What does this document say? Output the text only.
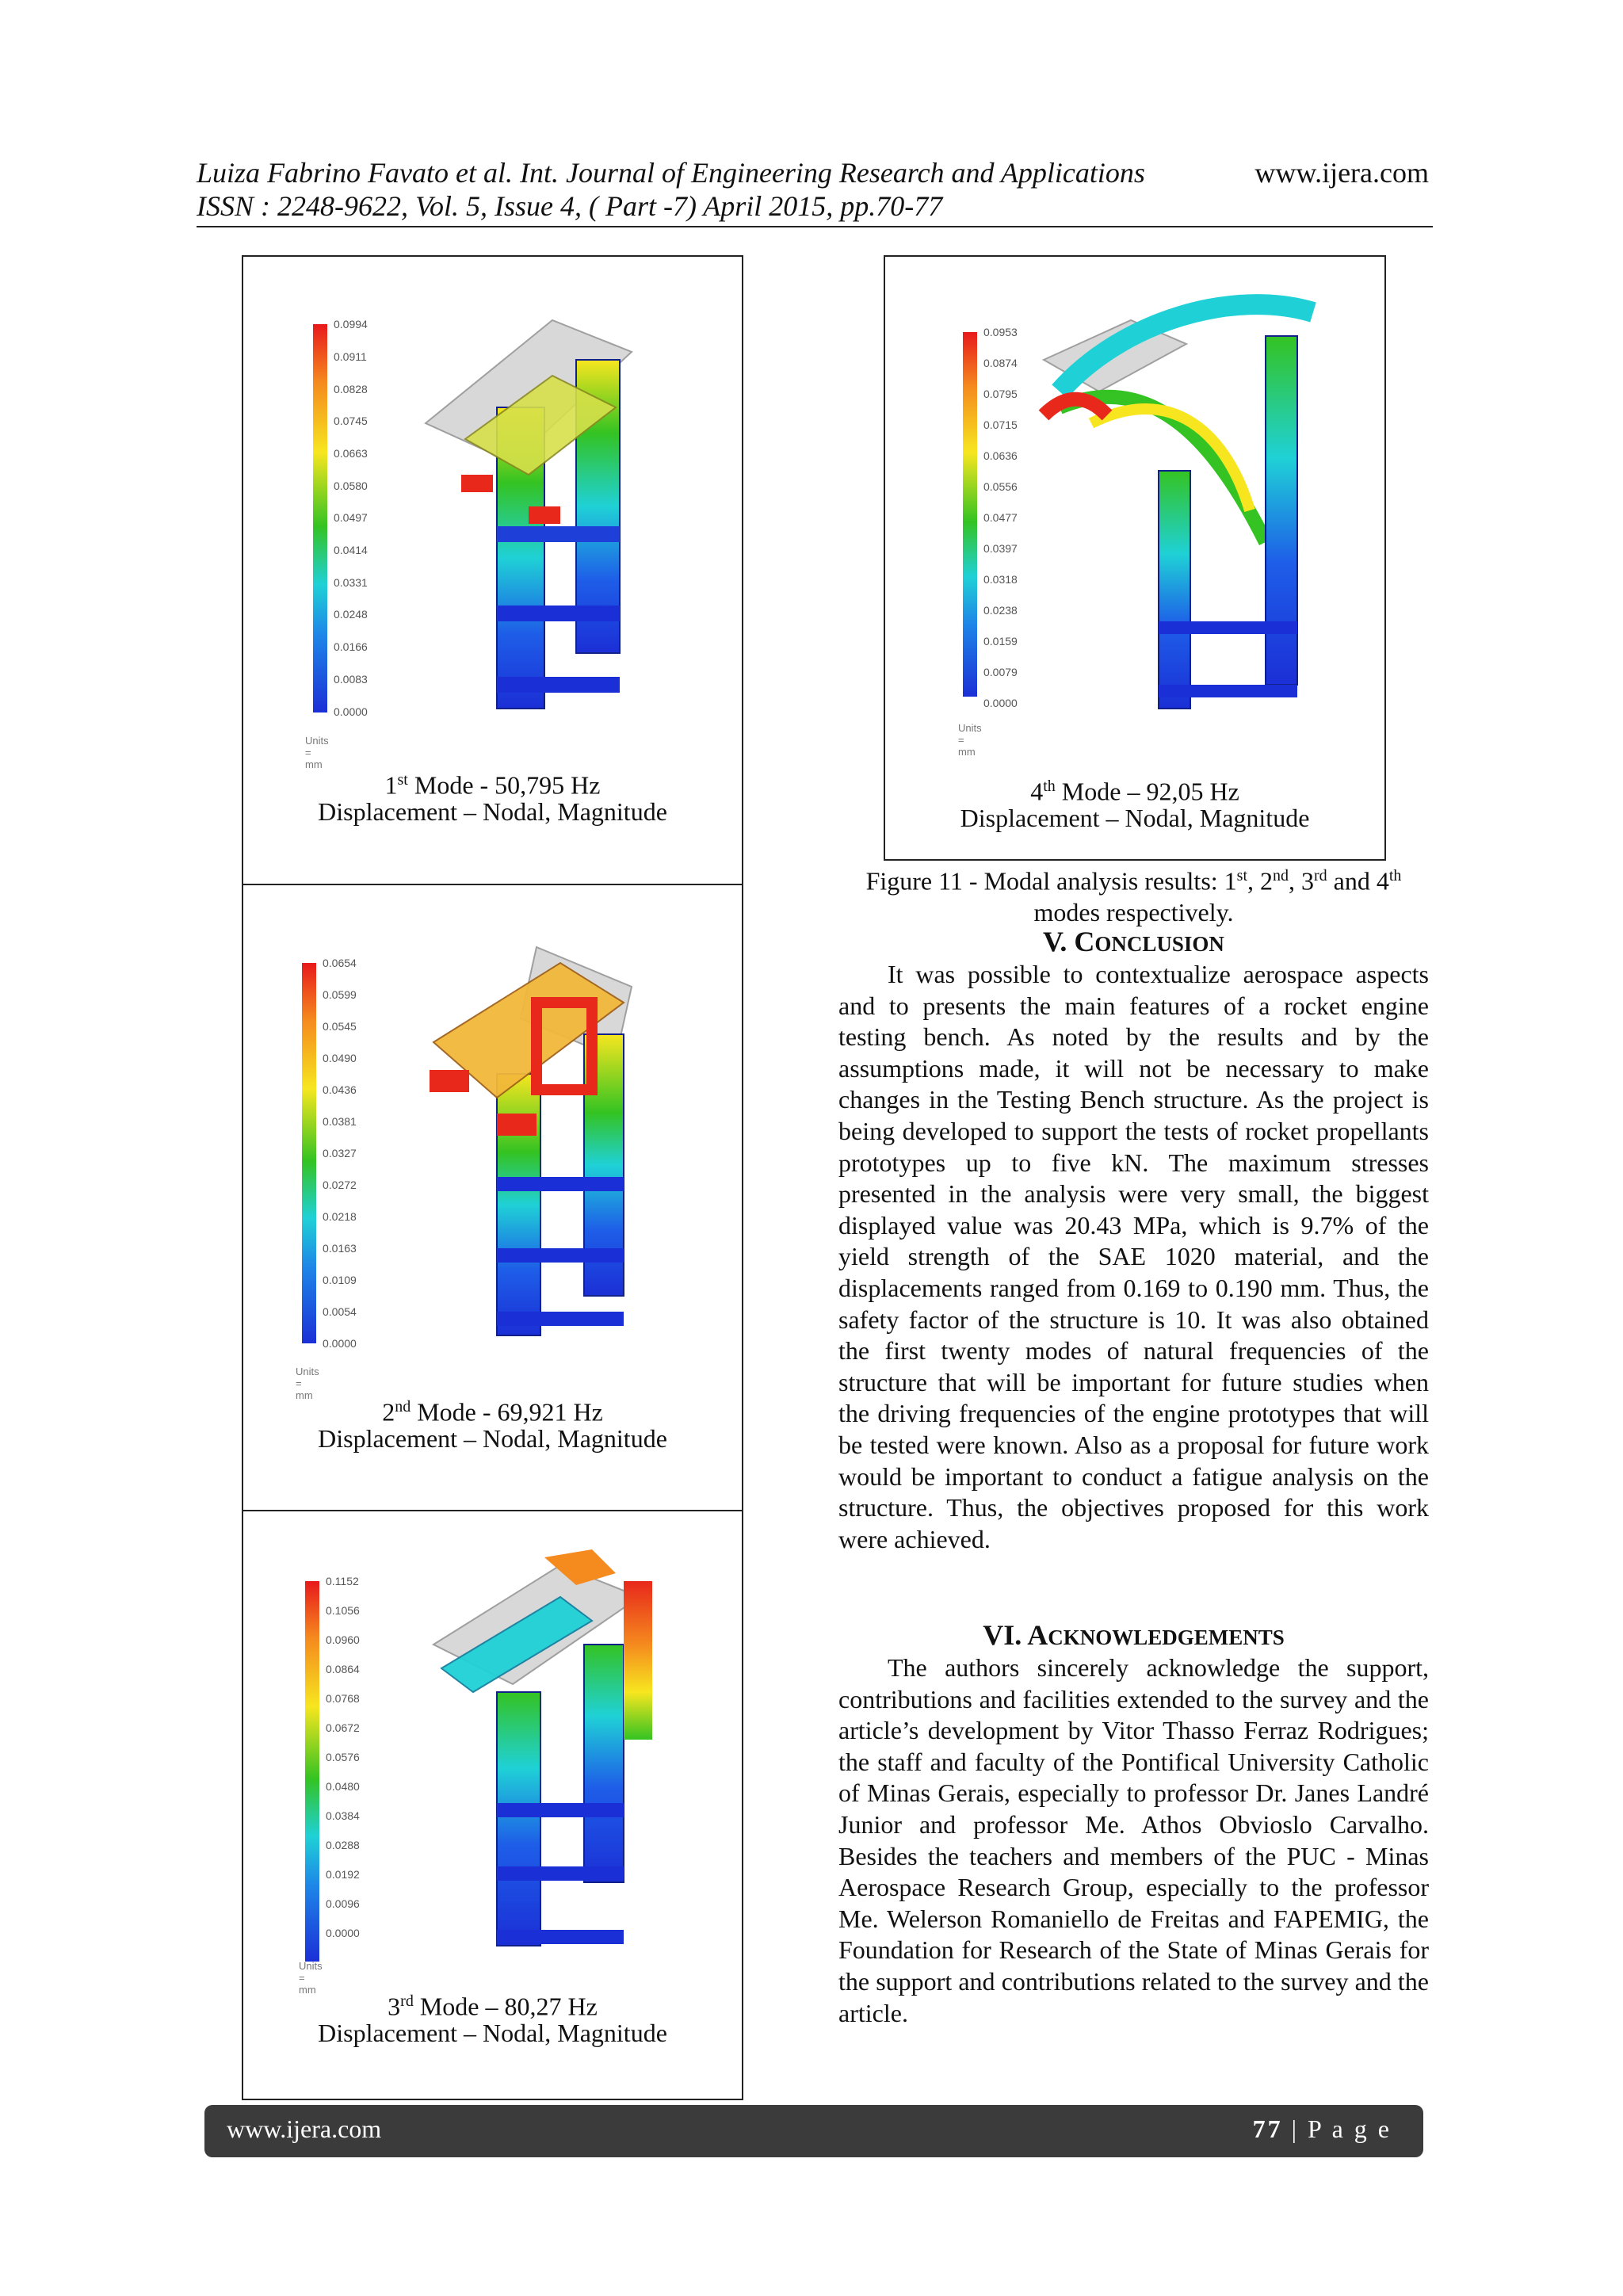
Luiza Fabrino Favato et al. Int. Journal of Engineering Research and Applications
ISSN : 2248-9622, Vol. 5, Issue 4, ( Part -7) April 2015, pp.70-77
www.ijera.com
0.0994
0.0911
0.0828
0.0745
0.0663
0.0580
0.0497
0.0414
0.0331
0.0248
0.0166
0.0083
0.0000
Units = mm
1st Mode - 50,795 Hz
Displacement – Nodal, Magnitude
0.0654
0.0599
0.0545
0.0490
0.0436
0.0381
0.0327
0.0272
0.0218
0.0163
0.0109
0.0054
0.0000
Units = mm
2nd Mode - 69,921 Hz
Displacement – Nodal, Magnitude
0.1152
0.1056
0.0960
0.0864
0.0768
0.0672
0.0576
0.0480
0.0384
0.0288
0.0192
0.0096
0.0000
Units = mm
3rd Mode – 80,27 Hz
Displacement – Nodal, Magnitude
0.0953
0.0874
0.0795
0.0715
0.0636
0.0556
0.0477
0.0397
0.0318
0.0238
0.0159
0.0079
0.0000
Units = mm
4th Mode – 92,05 Hz
Displacement – Nodal, Magnitude
Figure 11 - Modal analysis results: 1st, 2nd, 3rd and 4th
modes respectively.
V. CONCLUSION
It was possible to contextualize aerospace aspects and to presents the main features of a rocket engine testing bench. As noted by the results and by the assumptions made, it will not be necessary to make changes in the Testing Bench structure. As the project is being developed to support the tests of rocket propellants prototypes up to five kN. The maximum stresses presented in the analysis were very small, the biggest displayed value was 20.43 MPa, which is 9.7% of the yield strength of the SAE 1020 material, and the displacements ranged from 0.169 to 0.190 mm. Thus, the safety factor of the structure is 10. It was also obtained the first twenty modes of natural frequencies of the structure that will be important for future studies when the driving frequencies of the engine prototypes that will be tested were known. Also as a proposal for future work would be important to conduct a fatigue analysis on the structure. Thus, the objectives proposed for this work were achieved.
VI. ACKNOWLEDGEMENTS
The authors sincerely acknowledge the support, contributions and facilities extended to the survey and the article’s development by Vitor Thasso Ferraz Rodrigues; the staff and faculty of the Pontifical University Catholic of Minas Gerais, especially to professor Dr. Janes Landré Junior and professor Me. Athos Obvioslo Carvalho. Besides the teachers and members of the PUC - Minas Aerospace Research Group, especially to the professor Me. Welerson Romaniello de Freitas and FAPEMIG, the Foundation for Research of the State of Minas Gerais for the support and contributions related to the survey and the article.
www.ijera.com	77 | P a g e
